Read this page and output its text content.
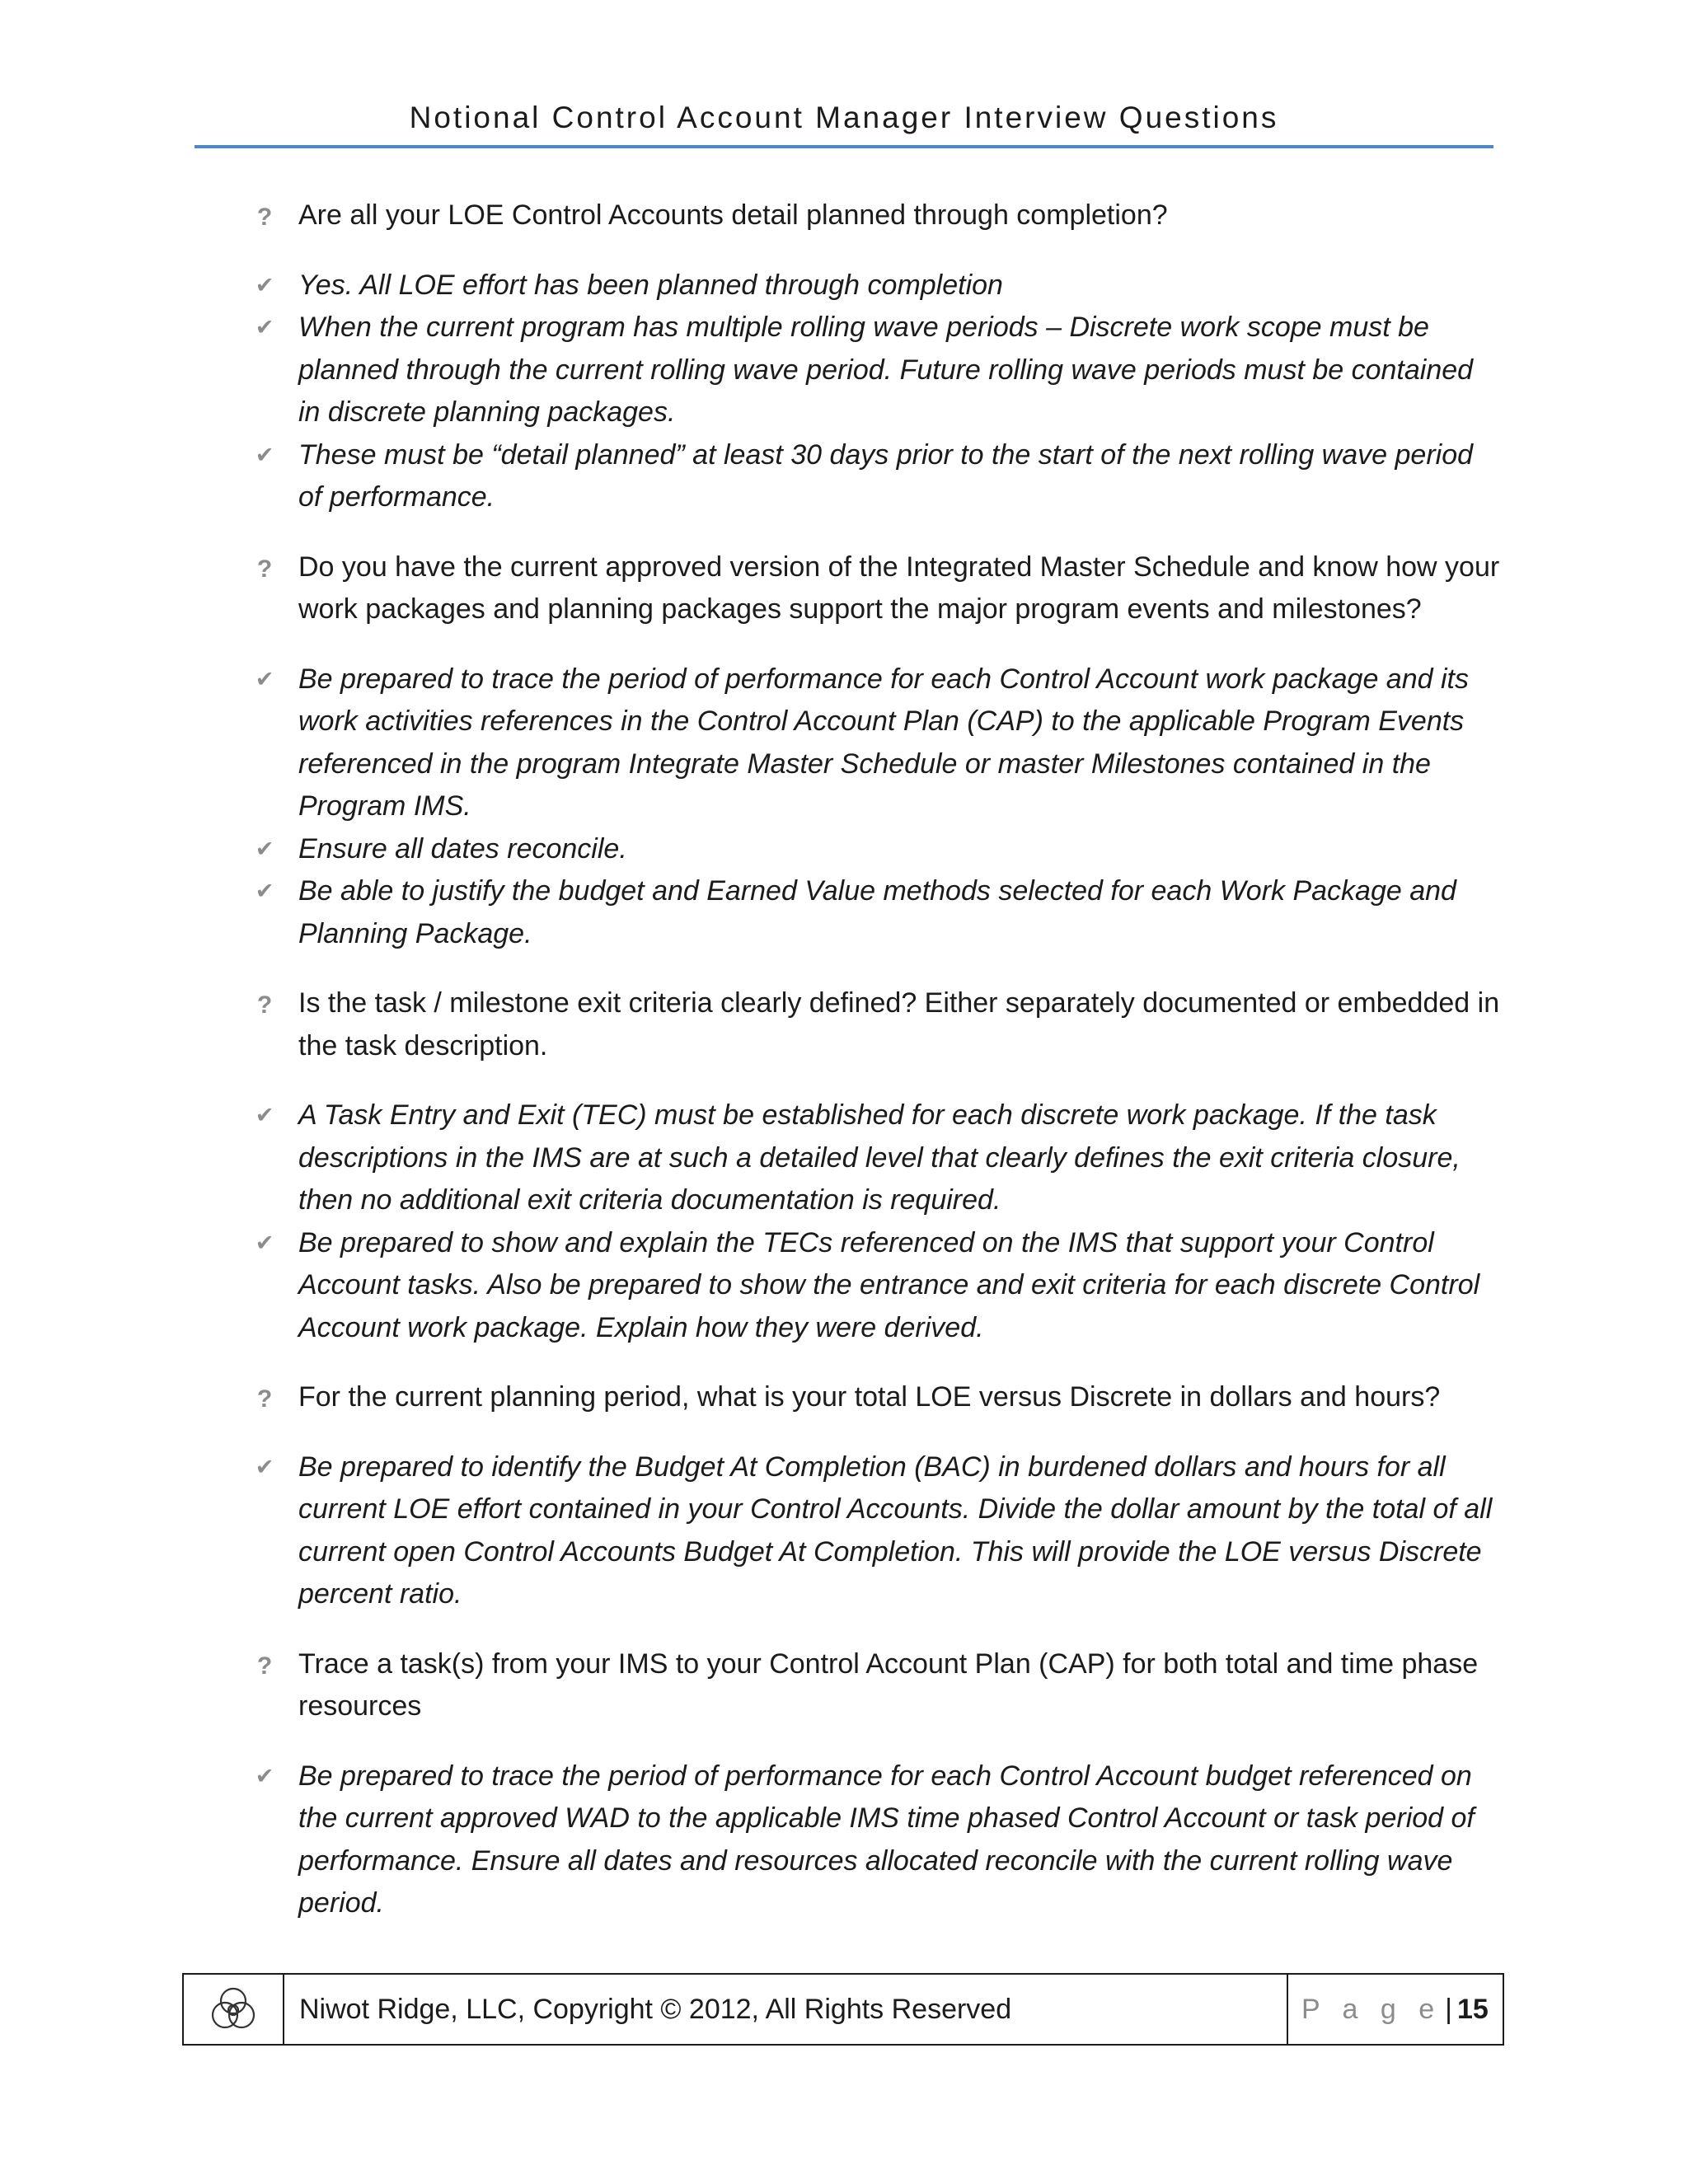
Notional Control Account Manager Interview Questions
? Are all your LOE Control Accounts detail planned through completion?
✔ Yes. All LOE effort has been planned through completion
✔ When the current program has multiple rolling wave periods – Discrete work scope must be planned through the current rolling wave period. Future rolling wave periods must be contained in discrete planning packages.
✔ These must be “detail planned” at least 30 days prior to the start of the next rolling wave period of performance.
? Do you have the current approved version of the Integrated Master Schedule and know how your work packages and planning packages support the major program events and milestones?
✔ Be prepared to trace the period of performance for each Control Account work package and its work activities references in the Control Account Plan (CAP) to the applicable Program Events referenced in the program Integrate Master Schedule or master Milestones contained in the Program IMS.
✔ Ensure all dates reconcile.
✔ Be able to justify the budget and Earned Value methods selected for each Work Package and Planning Package.
? Is the task / milestone exit criteria clearly defined? Either separately documented or embedded in the task description.
✔ A Task Entry and Exit (TEC) must be established for each discrete work package. If the task descriptions in the IMS are at such a detailed level that clearly defines the exit criteria closure, then no additional exit criteria documentation is required.
✔ Be prepared to show and explain the TECs referenced on the IMS that support your Control Account tasks. Also be prepared to show the entrance and exit criteria for each discrete Control Account work package. Explain how they were derived.
? For the current planning period, what is your total LOE versus Discrete in dollars and hours?
✔ Be prepared to identify the Budget At Completion (BAC) in burdened dollars and hours for all current LOE effort contained in your Control Accounts. Divide the dollar amount by the total of all current open Control Accounts Budget At Completion. This will provide the LOE versus Discrete percent ratio.
? Trace a task(s) from your IMS to your Control Account Plan (CAP) for both total and time phase resources
✔ Be prepared to trace the period of performance for each Control Account budget referenced on the current approved WAD to the applicable IMS time phased Control Account or task period of performance. Ensure all dates and resources allocated reconcile with the current rolling wave period.
Niwot Ridge, LLC, Copyright © 2012, All Rights Reserved	P a g e | 15
